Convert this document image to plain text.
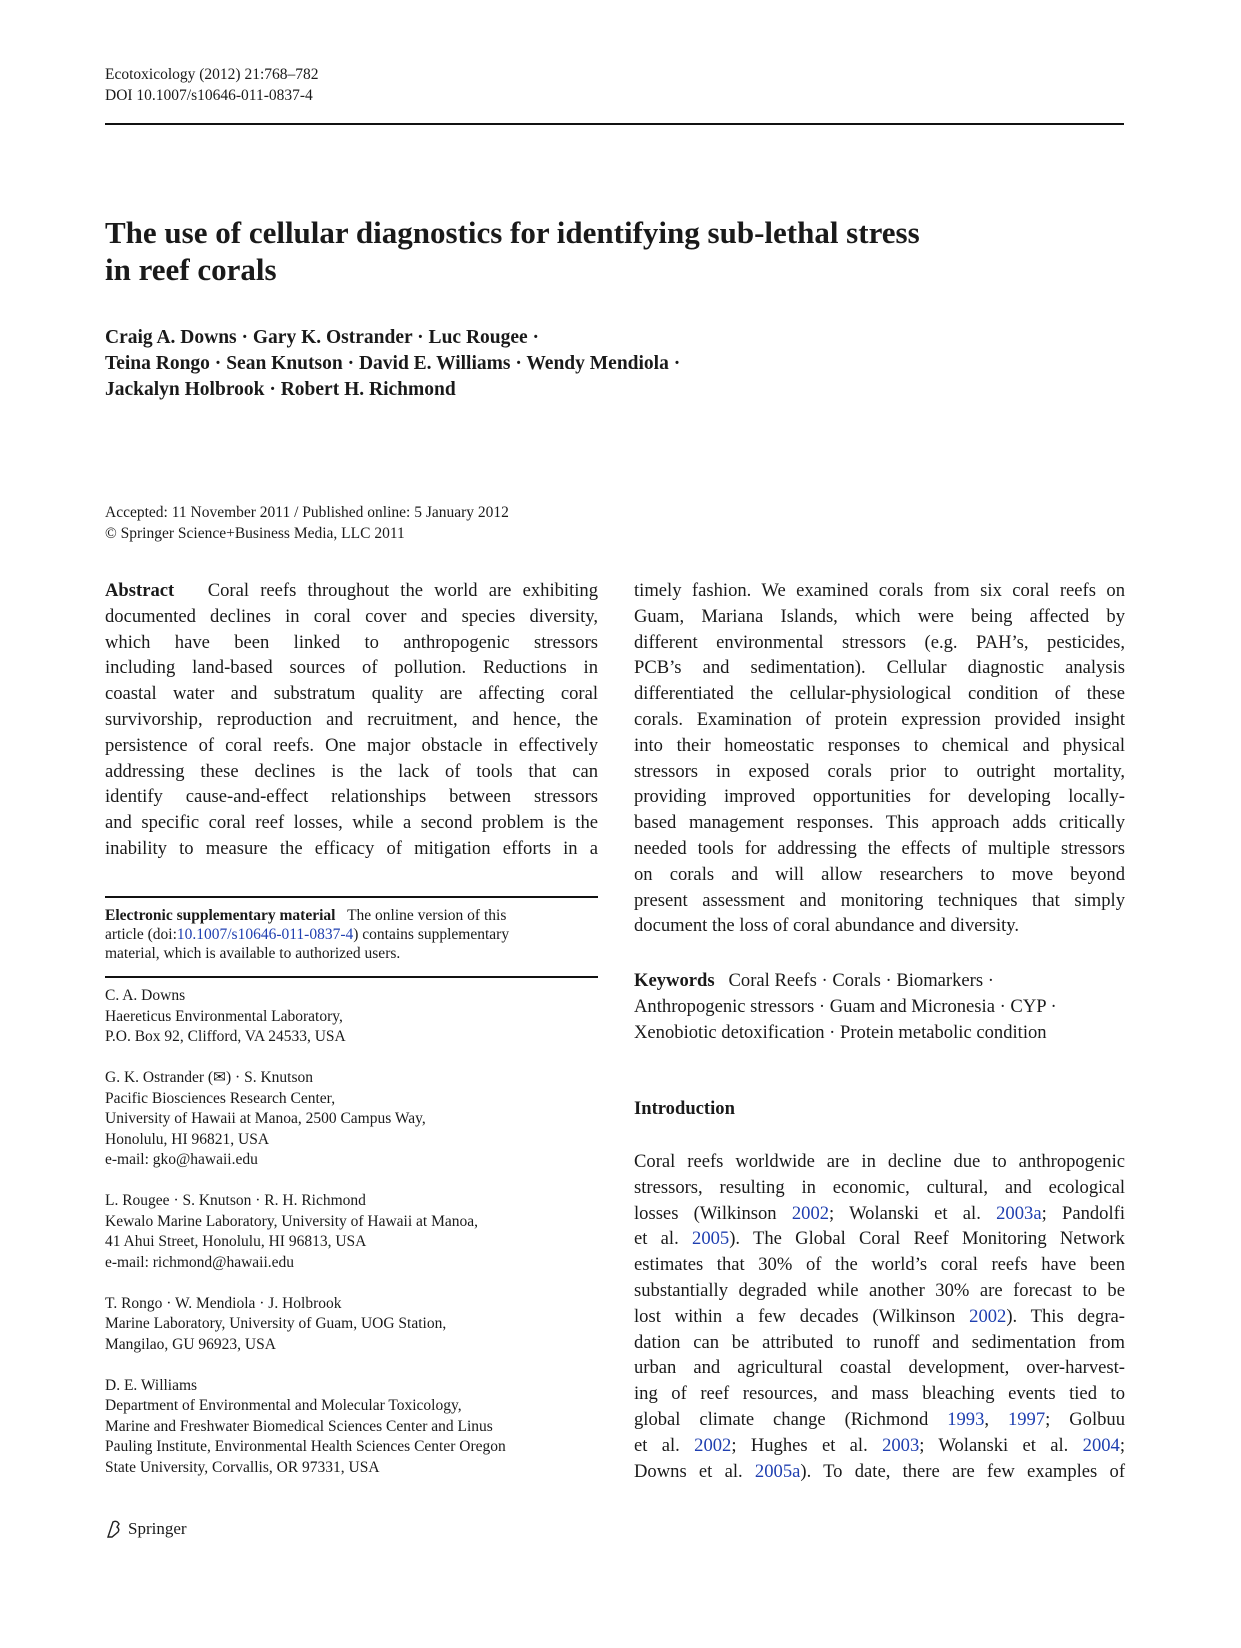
Ecotoxicology (2012) 21:768–782
DOI 10.1007/s10646-011-0837-4
The use of cellular diagnostics for identifying sub-lethal stress
in reef corals
Craig A. Downs · Gary K. Ostrander · Luc Rougee ·
Teina Rongo · Sean Knutson · David E. Williams · Wendy Mendiola ·
Jackalyn Holbrook · Robert H. Richmond
Accepted: 11 November 2011 / Published online: 5 January 2012
© Springer Science+Business Media, LLC 2011
Abstract Coral reefs throughout the world are exhibiting
documented declines in coral cover and species diversity,
which have been linked to anthropogenic stressors
including land-based sources of pollution. Reductions in
coastal water and substratum quality are affecting coral
survivorship, reproduction and recruitment, and hence, the
persistence of coral reefs. One major obstacle in effectively
addressing these declines is the lack of tools that can
identify cause-and-effect relationships between stressors
and specific coral reef losses, while a second problem is the
inability to measure the efficacy of mitigation efforts in a
Electronic supplementary material The online version of this
article (doi:10.1007/s10646-011-0837-4) contains supplementary
material, which is available to authorized users.
C. A. Downs
Haereticus Environmental Laboratory,
P.O. Box 92, Clifford, VA 24533, USA
G. K. Ostrander (✉) · S. Knutson
Pacific Biosciences Research Center,
University of Hawaii at Manoa, 2500 Campus Way,
Honolulu, HI 96821, USA
e-mail: gko@hawaii.edu
L. Rougee · S. Knutson · R. H. Richmond
Kewalo Marine Laboratory, University of Hawaii at Manoa,
41 Ahui Street, Honolulu, HI 96813, USA
e-mail: richmond@hawaii.edu
T. Rongo · W. Mendiola · J. Holbrook
Marine Laboratory, University of Guam, UOG Station,
Mangilao, GU 96923, USA
D. E. Williams
Department of Environmental and Molecular Toxicology,
Marine and Freshwater Biomedical Sciences Center and Linus
Pauling Institute, Environmental Health Sciences Center Oregon
State University, Corvallis, OR 97331, USA
timely fashion. We examined corals from six coral reefs on
Guam, Mariana Islands, which were being affected by
different environmental stressors (e.g. PAH’s, pesticides,
PCB’s and sedimentation). Cellular diagnostic analysis
differentiated the cellular-physiological condition of these
corals. Examination of protein expression provided insight
into their homeostatic responses to chemical and physical
stressors in exposed corals prior to outright mortality,
providing improved opportunities for developing locally-
based management responses. This approach adds critically
needed tools for addressing the effects of multiple stressors
on corals and will allow researchers to move beyond
present assessment and monitoring techniques that simply
document the loss of coral abundance and diversity.
Keywords Coral Reefs · Corals · Biomarkers ·
Anthropogenic stressors · Guam and Micronesia · CYP ·
Xenobiotic detoxification · Protein metabolic condition
Introduction
Coral reefs worldwide are in decline due to anthropogenic
stressors, resulting in economic, cultural, and ecological
losses (Wilkinson 2002; Wolanski et al. 2003a; Pandolfi
et al. 2005). The Global Coral Reef Monitoring Network
estimates that 30% of the world’s coral reefs have been
substantially degraded while another 30% are forecast to be
lost within a few decades (Wilkinson 2002). This degra-
dation can be attributed to runoff and sedimentation from
urban and agricultural coastal development, over-harvest-
ing of reef resources, and mass bleaching events tied to
global climate change (Richmond 1993, 1997; Golbuu
et al. 2002; Hughes et al. 2003; Wolanski et al. 2004;
Downs et al. 2005a). To date, there are few examples of
Springer
